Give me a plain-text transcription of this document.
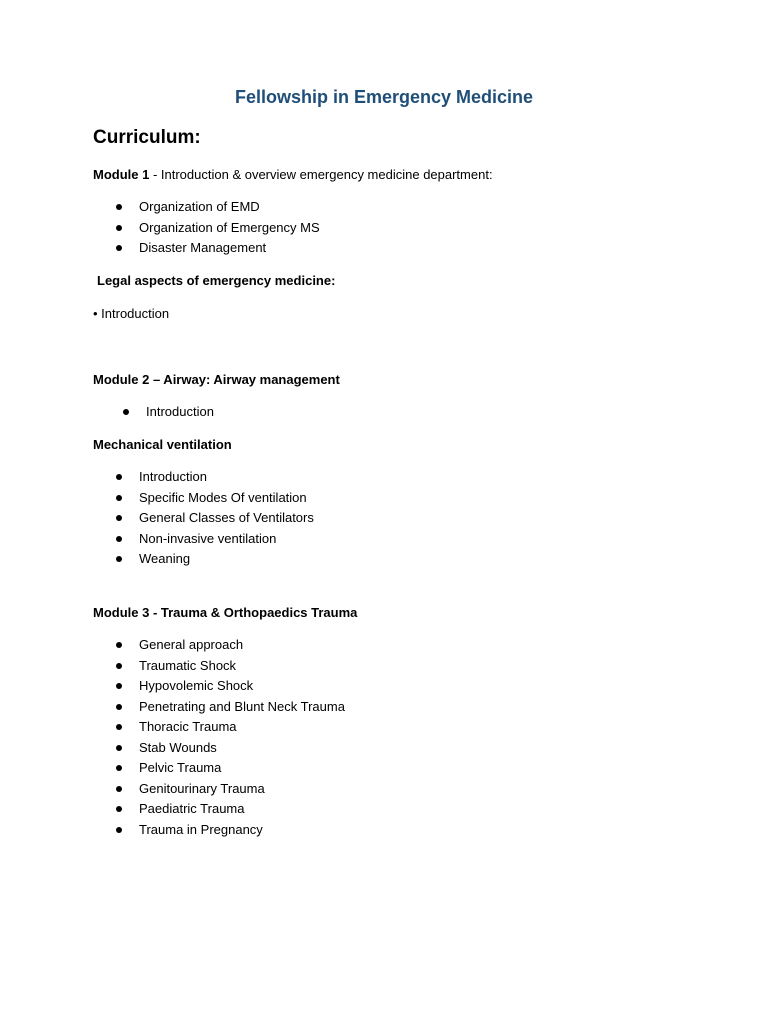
Fellowship in Emergency Medicine
Curriculum:

Module 1 - Introduction & overview emergency medicine department:

Organization of EMD
Organization of Emergency MS
Disaster Management

Legal aspects of emergency medicine:

• Introduction

Module 2 – Airway: Airway management

Introduction

Mechanical ventilation

Introduction
Specific Modes Of ventilation
General Classes of Ventilators
Non-invasive ventilation
Weaning

Module 3 - Trauma & Orthopaedics Trauma

General approach
Traumatic Shock
Hypovolemic Shock
Penetrating and Blunt Neck Trauma
Thoracic Trauma
Stab Wounds
Pelvic Trauma
Genitourinary Trauma
Paediatric Trauma
Trauma in Pregnancy
